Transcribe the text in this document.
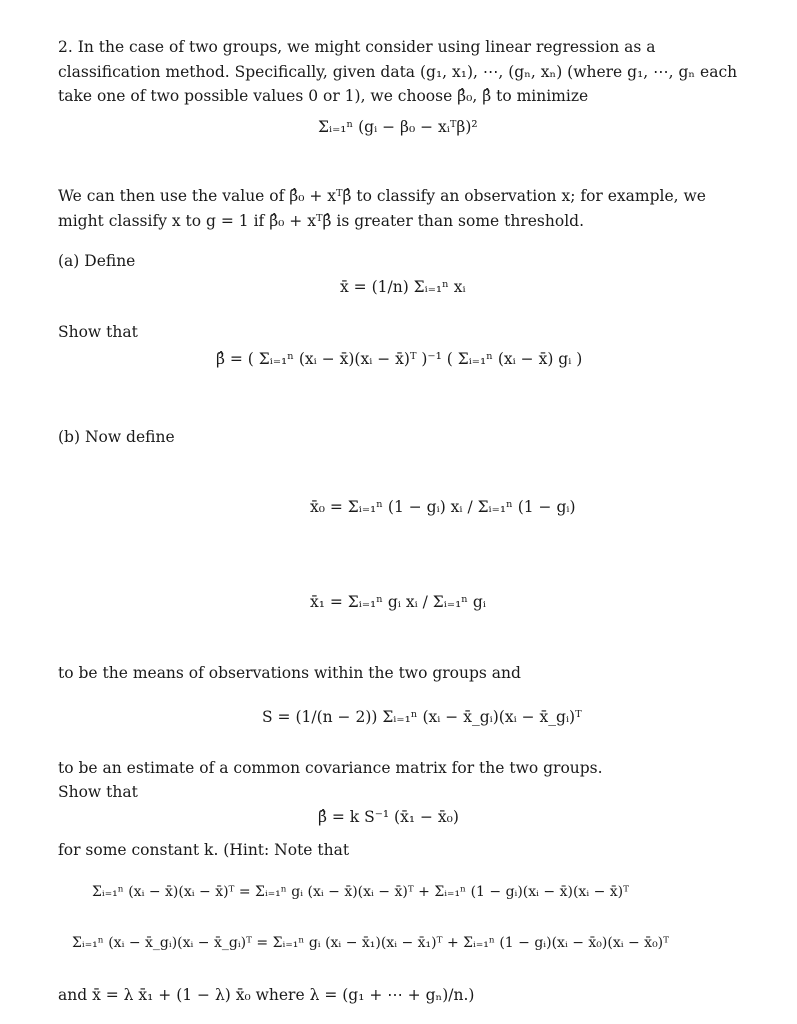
2. In the case of two groups, we might consider using linear regression as a classification method. Specifically, given data (g₁, x₁), ⋯, (gₙ, xₙ) (where g₁, ⋯, gₙ each take one of two possible values 0 or 1), we choose β̂₀, β̂ to minimize

Σᵢ₌₁ⁿ (gᵢ − β₀ − xᵢᵀβ)²

We can then use the value of β̂₀ + xᵀβ̂ to classify an observation x; for example, we might classify x to g = 1 if β̂₀ + xᵀβ̂ is greater than some threshold.

(a) Define
x̄ = (1/n) Σᵢ₌₁ⁿ xᵢ
Show that
β̂ = ( Σᵢ₌₁ⁿ (xᵢ − x̄)(xᵢ − x̄)ᵀ )⁻¹ ( Σᵢ₌₁ⁿ (xᵢ − x̄) gᵢ )
(b) Now define
x̄₀ = Σᵢ₌₁ⁿ (1 − gᵢ) xᵢ / Σᵢ₌₁ⁿ (1 − gᵢ)
x̄₁ = Σᵢ₌₁ⁿ gᵢ xᵢ / Σᵢ₌₁ⁿ gᵢ
to be the means of observations within the two groups and
S = (1/(n − 2)) Σᵢ₌₁ⁿ (xᵢ − x̄_gᵢ)(xᵢ − x̄_gᵢ)ᵀ
to be an estimate of a common covariance matrix for the two groups.
Show that
β̂ = k S⁻¹ (x̄₁ − x̄₀)
for some constant k. (Hint: Note that
Σᵢ₌₁ⁿ (xᵢ − x̄)(xᵢ − x̄)ᵀ = Σᵢ₌₁ⁿ gᵢ (xᵢ − x̄)(xᵢ − x̄)ᵀ + Σᵢ₌₁ⁿ (1 − gᵢ)(xᵢ − x̄)(xᵢ − x̄)ᵀ
Σᵢ₌₁ⁿ (xᵢ − x̄_gᵢ)(xᵢ − x̄_gᵢ)ᵀ = Σᵢ₌₁ⁿ gᵢ (xᵢ − x̄₁)(xᵢ − x̄₁)ᵀ + Σᵢ₌₁ⁿ (1 − gᵢ)(xᵢ − x̄₀)(xᵢ − x̄₀)ᵀ
and x̄ = λ x̄₁ + (1 − λ) x̄₀ where λ = (g₁ + ⋯ + gₙ)/n.)
